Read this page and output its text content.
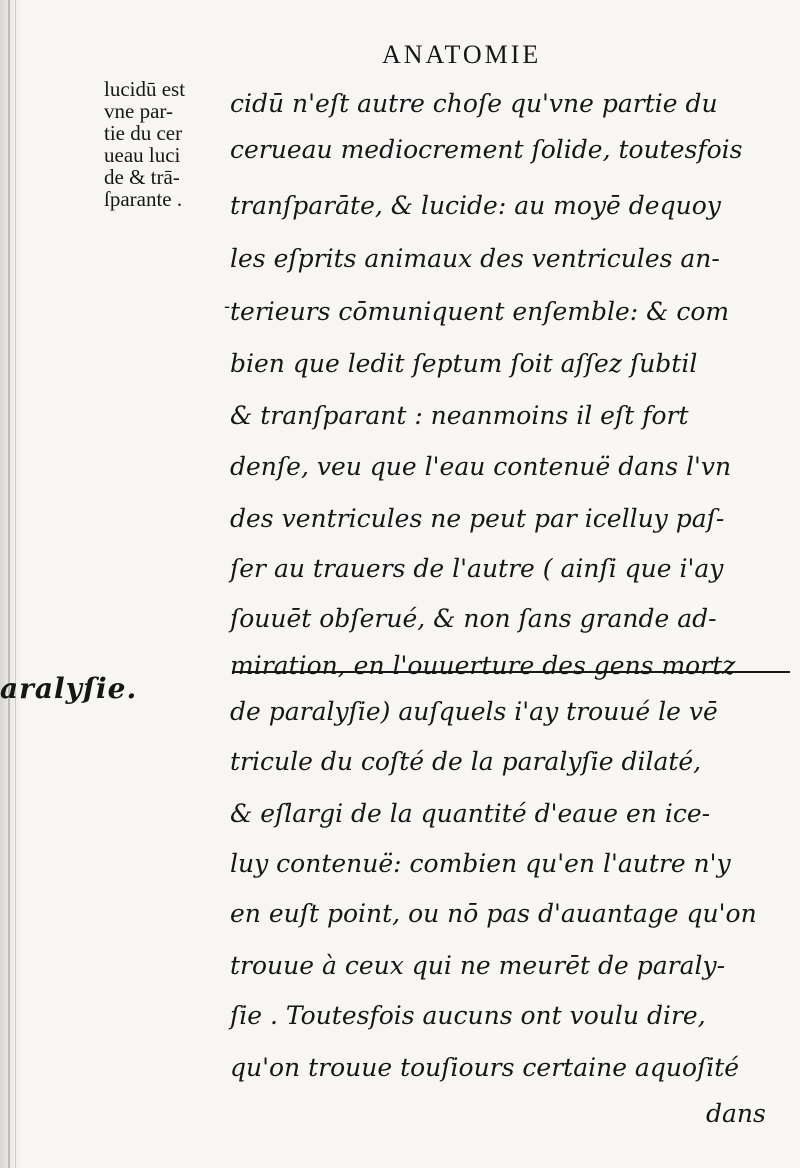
ANATOMIE
lucidū est
vne par-
tie du cer
ueau luci
de & trā-
ſparante .
-
aralyſie.
cidū n'eſt autre choſe qu'vne partie du
cerueau mediocrement ſolide, toutesfois
tranſparāte, & lucide: au moyē dequoy
les eſprits animaux des ventricules an-
terieurs cōmuniquent enſemble: & com
bien que ledit ſeptum ſoit aſſez ſubtil
& tranſparant : neanmoins il eſt fort
denſe, veu que l'eau contenuë dans l'vn
des ventricules ne peut par icelluy paſ-
ſer au trauers de l'autre ( ainſi que i'ay
ſouuēt obſerué, & non ſans grande ad-
miration, en l'ouuerture des gens mortz
de paralyſie) auſquels i'ay trouué le vē
tricule du coſté de la paralyſie dilaté,
& eſlargi de la quantité d'eaue en ice-
luy contenuë: combien qu'en l'autre n'y
en euſt point, ou nō pas d'auantage qu'on
trouue à ceux qui ne meurēt de paraly-
ſie . Toutesfois aucuns ont voulu dire,
qu'on trouue touſiours certaine aquoſité
dans
